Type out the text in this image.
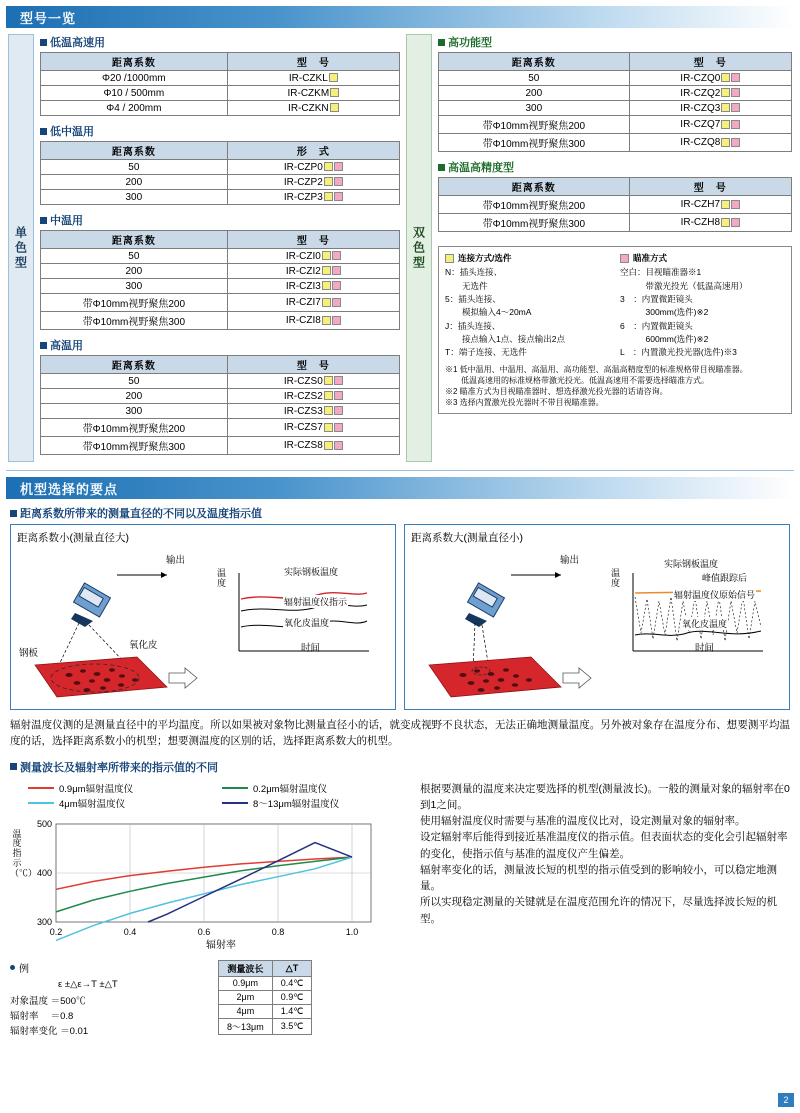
型号一览
单色型
低温高速用
距离系数	型　号
Φ20 /1000mm	IR-CZKL
Φ10 / 500mm	IR-CZKM
Φ4 / 200mm	IR-CZKN
低中温用
距离系数	形　式
50	IR-CZP0
200	IR-CZP2
300	IR-CZP3
中温用
距离系数	型　号
50	IR-CZI0
200	IR-CZI2
300	IR-CZI3
带Φ10mm视野聚焦200	IR-CZI7
带Φ10mm视野聚焦300	IR-CZI8
高温用
距离系数	型　号
50	IR-CZS0
200	IR-CZS2
300	IR-CZS3
带Φ10mm视野聚焦200	IR-CZS7
带Φ10mm视野聚焦300	IR-CZS8
双色型
高功能型
距离系数	型　号
50	IR-CZQ0
200	IR-CZQ2
300	IR-CZQ3
带Φ10mm视野聚焦200	IR-CZQ7
带Φ10mm视野聚焦300	IR-CZQ8
高温高精度型
距离系数	型　号
带Φ10mm视野聚焦200	IR-CZH7
带Φ10mm视野聚焦300	IR-CZH8
连接方式/选件
N：插头连接、
　　无选件
5：插头连接、
　　模拟输入4～20mA
J：插头连接、
　　接点输入1点、接点输出2点
T：端子连接、无选件
瞄准方式
空白：目视瞄准器※1
　　　带激光投光（低温高速用）
3　：内置微距镜头
　　　300mm(选件)※2
6　：内置微距镜头
　　　600mm(选件)※2
L　：内置激光投光器(选件)※3
※1 低中温用、中温用、高温用、高功能型、高温高精度型的标准规格带目视瞄准器。
　　低温高速用的标准规格带激光投光。低温高速用不需要选择瞄准方式。
※2 瞄准方式为目视瞄准器时、想选择激光投光器的话请咨询。
※3 选择内置激光投光器时不带目视瞄准器。
机型选择的要点
距离系数所带来的测量直径的不同以及温度指示值
距离系数小(测量直径大)
输出
钢板
氧化皮
温度
时间
实际钢板温度
辐射温度仪指示
氧化皮温度
距离系数大(测量直径小)
输出
温度
时间
实际钢板温度
峰值跟踪后
辐射温度仪原始信号
氧化皮温度
辐射温度仪测的是测量直径中的平均温度。所以如果被对象物比测量直径小的话，就变成视野不良状态，无法正确地测量温度。另外被对象存在温度分布、想要测平均温度的话，选择距离系数小的机型；想要测温度的区别的话，选择距离系数大的机型。
测量波长及辐射率所带来的指示值的不同
0.9μm辐射温度仪	0.2μm辐射温度仪
4μm辐射温度仪	8～13μm辐射温度仪
温度指示（℃）
500
400
300
0.2	0.4	0.6	0.8	1.0
辐射率
例
ε ±△ε→T ±△T
对象温度 ＝500℃
辐射率　 ＝0.8
辐射率变化 ＝0.01
测量波长	△T
0.9μm	0.4℃
2μm	0.9℃
4μm	1.4℃
8～13μm	3.5℃
根据要测量的温度来决定要选择的机型(测量波长)。一般的测量对象的辐射率在0到1之间。
使用辐射温度仪时需要与基准的温度仪比对，设定测量对象的辐射率。
设定辐射率后能得到接近基准温度仪的指示值。但表面状态的变化会引起辐射率的变化，使指示值与基准的温度仪产生偏差。
辐射率变化的话，测量波长短的机型的指示值受到的影响较小，可以稳定地测量。
所以实现稳定测量的关键就是在温度范围允许的情况下，尽量选择波长短的机型。
2
